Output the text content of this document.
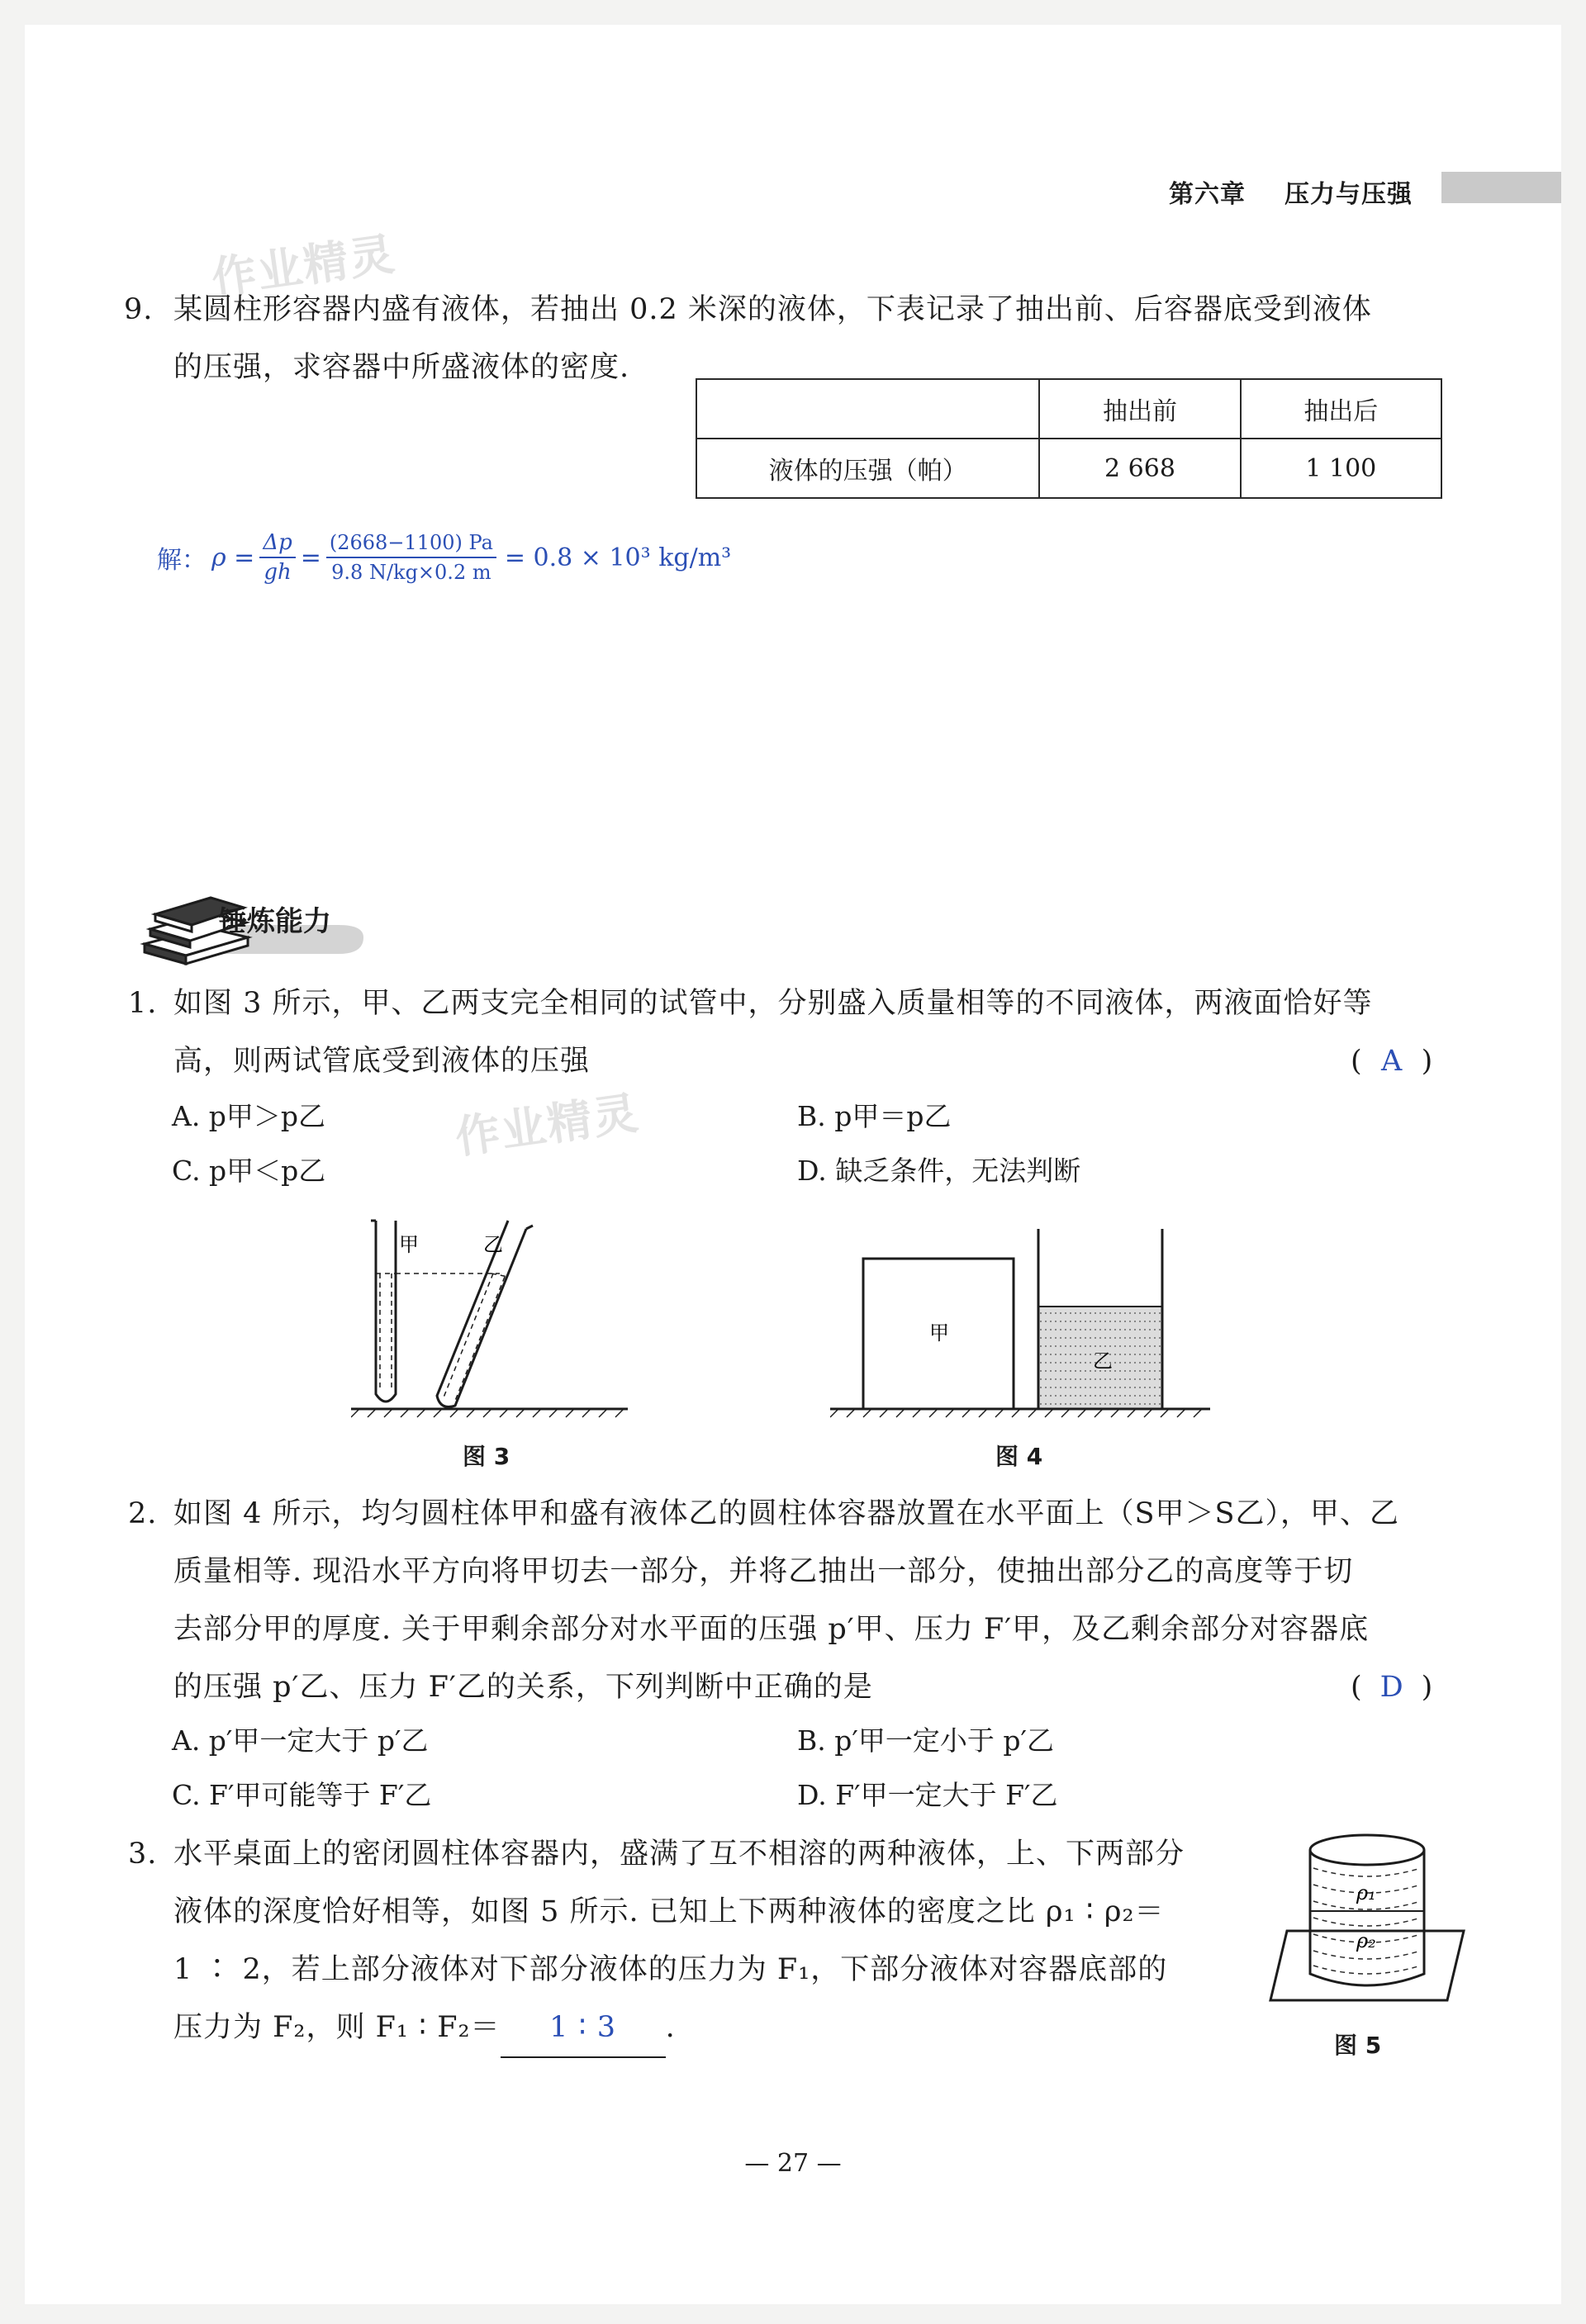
第六章 压力与压强
作业精灵
作业精灵
9. 某圆柱形容器内盛有液体，若抽出 0.2 米深的液体，下表记录了抽出前、后容器底受到液体
的压强，求容器中所盛液体的密度.
	抽出前	抽出后
液体的压强（帕）	2 668	1 100
解： $\rho = \frac{\Delta p}{gh} = \frac{(2668-1100) Pa}{9.8 N/kg\times 0.2 m} = 0.8 \times 10^3$ kg/m³
锤炼能力
1. 如图 3 所示，甲、乙两支完全相同的试管中，分别盛入质量相等的不同液体，两液面恰好等
高，则两试管底受到液体的压强	( A )
A. p甲＞p乙	B. p甲＝p乙
C. p甲＜p乙	D. 缺乏条件，无法判断
甲	乙
图 3
甲
乙
图 4
2. 如图 4 所示，均匀圆柱体甲和盛有液体乙的圆柱体容器放置在水平面上（S甲＞S乙），甲、乙
质量相等. 现沿水平方向将甲切去一部分，并将乙抽出一部分，使抽出部分乙的高度等于切
去部分甲的厚度. 关于甲剩余部分对水平面的压强 p′甲、压力 F′甲，及乙剩余部分对容器底
的压强 p′乙、压力 F′乙的关系，下列判断中正确的是	( D )
A. p′甲一定大于 p′乙	B. p′甲一定小于 p′乙
C. F′甲可能等于 F′乙	D. F′甲一定大于 F′乙
3. 水平桌面上的密闭圆柱体容器内，盛满了互不相溶的两种液体，上、下两部分
液体的深度恰好相等，如图 5 所示. 已知上下两种液体的密度之比 ρ₁ ∶ ρ₂＝
1 ∶ 2，若上部分液体对下部分液体的压力为 F₁，下部分液体对容器底部的
压力为 F₂，则 F₁ ∶ F₂＝ 1 ∶ 3 .
ρ₁
ρ₂
图 5
— 27 —
